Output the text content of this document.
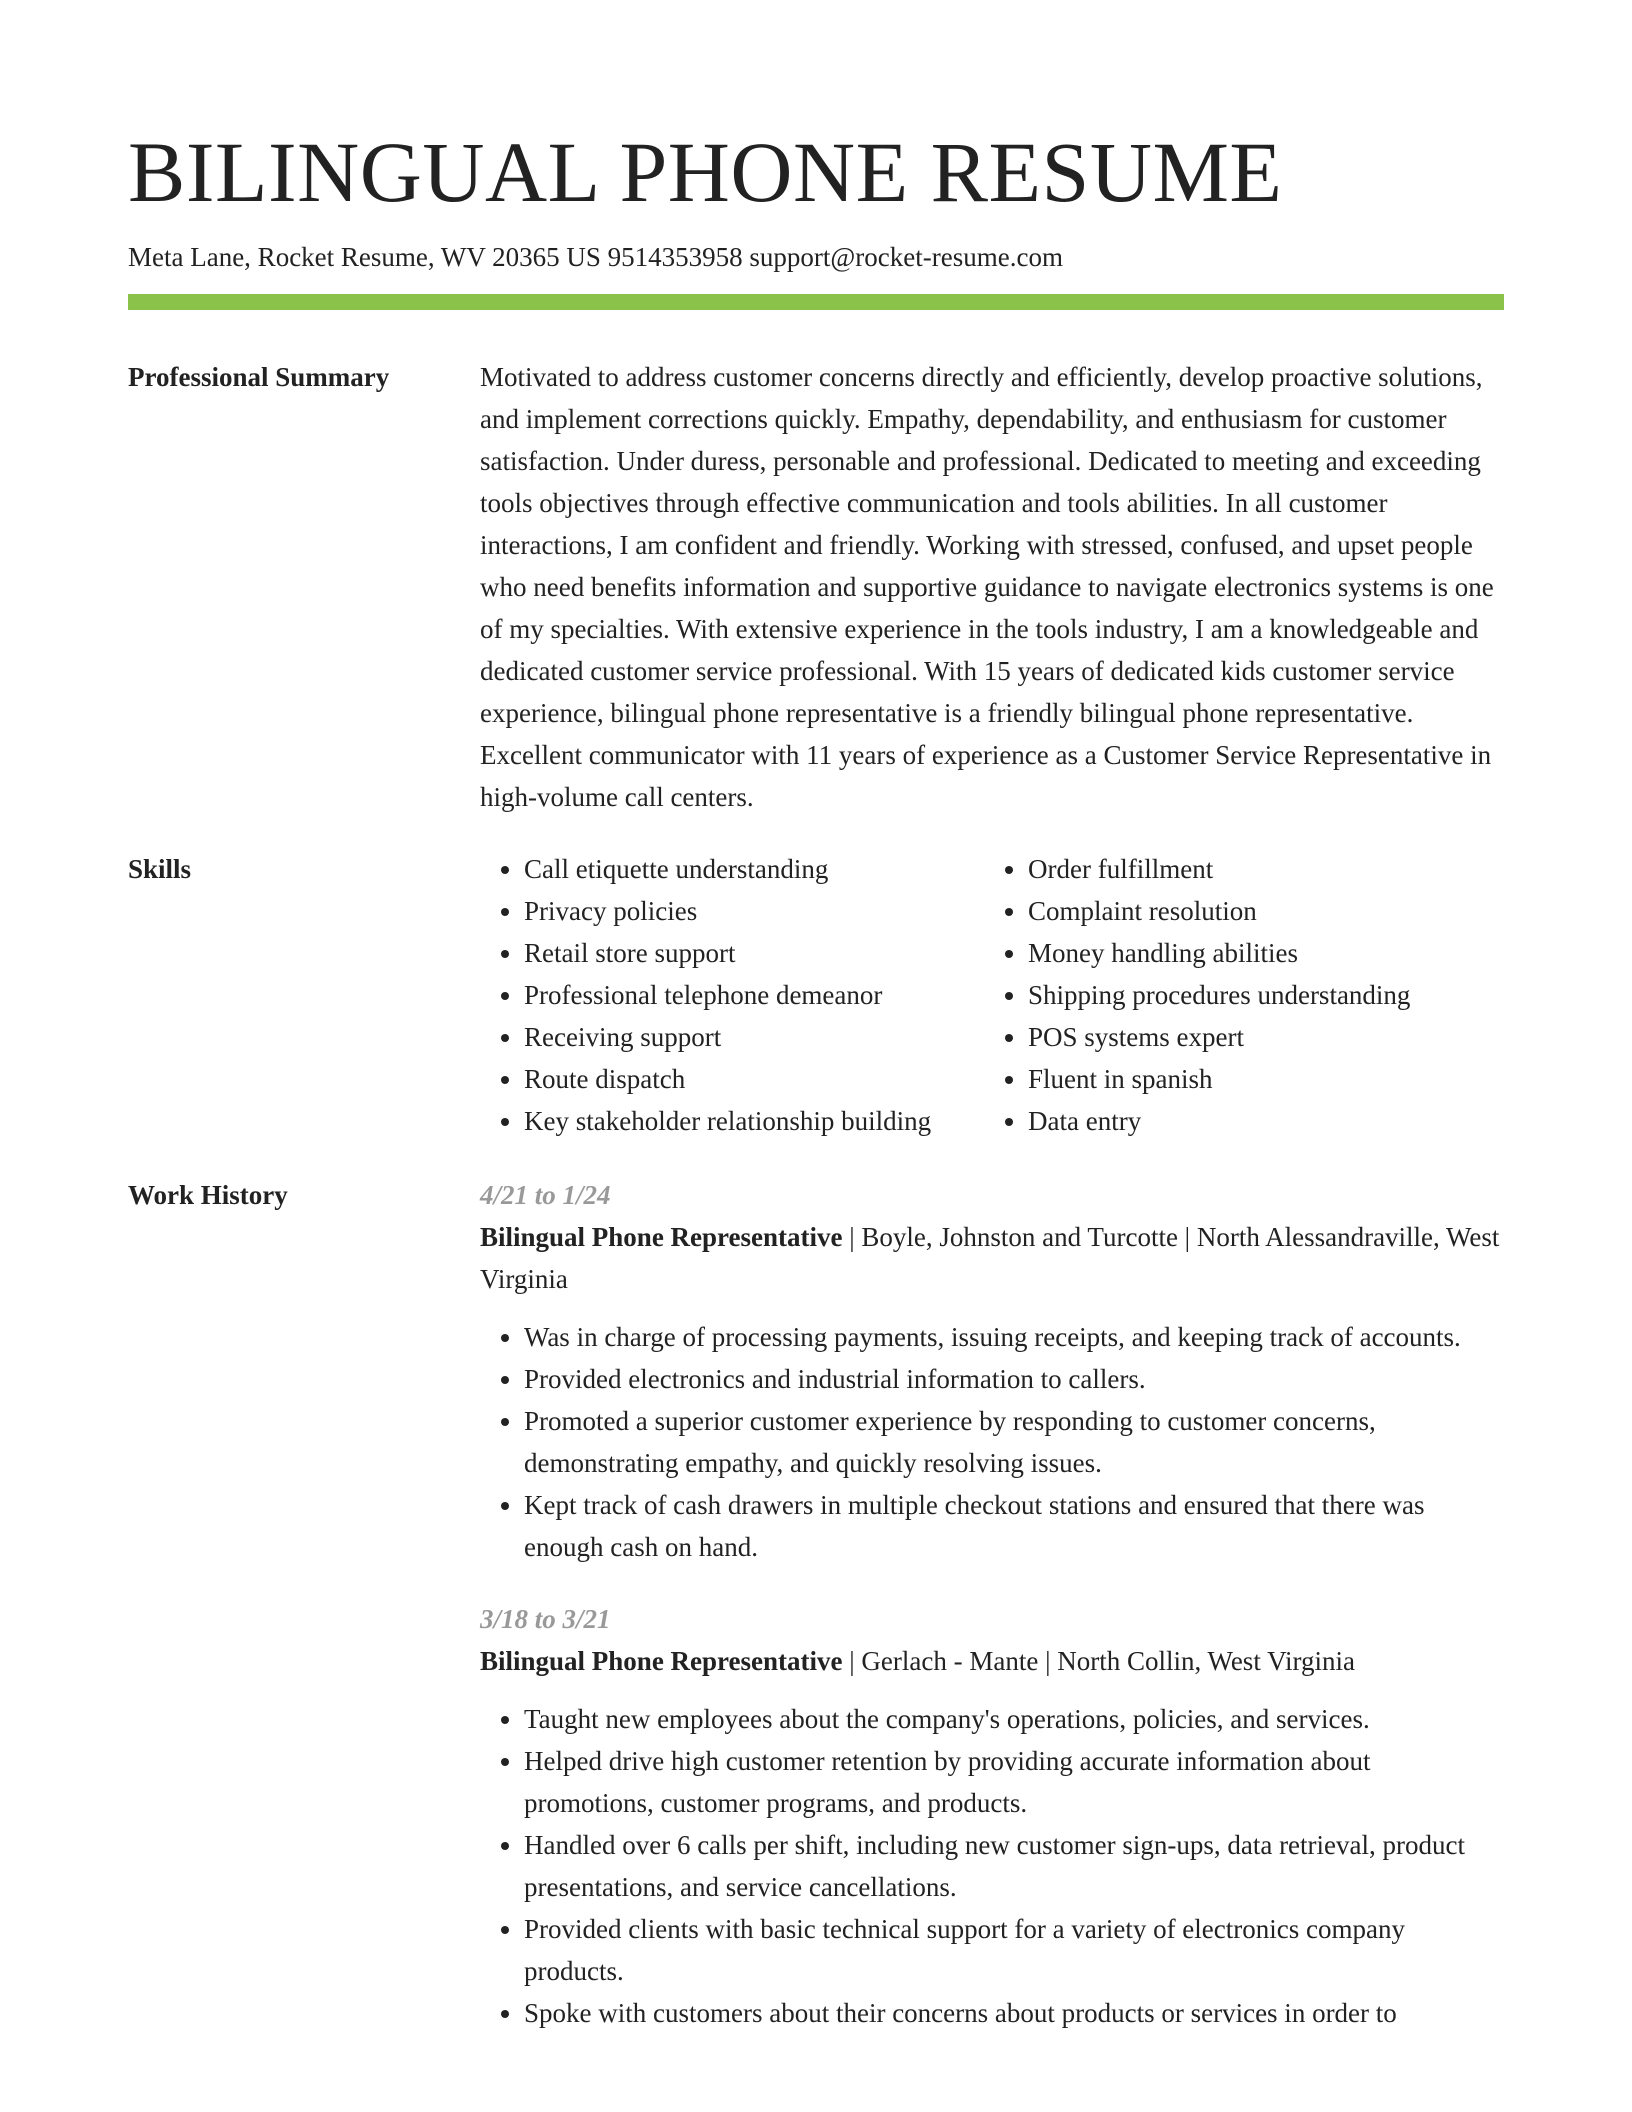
BILINGUAL PHONE RESUME
Meta Lane, Rocket Resume, WV 20365 US 9514353958 support@rocket-resume.com
Professional Summary	Motivated to address customer concerns directly and efficiently, develop proactive solutions, and implement corrections quickly. Empathy, dependability, and enthusiasm for customer satisfaction. Under duress, personable and professional. Dedicated to meeting and exceeding tools objectives through effective communication and tools abilities. In all customer interactions, I am confident and friendly. Working with stressed, confused, and upset people who need benefits information and supportive guidance to navigate electronics systems is one of my specialties. With extensive experience in the tools industry, I am a knowledgeable and dedicated customer service professional. With 15 years of dedicated kids customer service experience, bilingual phone representative is a friendly bilingual phone representative. Excellent communicator with 11 years of experience as a Customer Service Representative in high-volume call centers.

Skills
•	Call etiquette understanding
• Privacy policies
• Retail store support
• Professional telephone demeanor
• Receiving support
• Route dispatch
• Key stakeholder relationship building
• Order fulfillment
• Complaint resolution
• Money handling abilities
• Shipping procedures understanding
• POS systems expert
• Fluent in spanish
• Data entry
Work History	4/21 to 1/24
Bilingual Phone Representative | Boyle, Johnston and Turcotte | North Alessandraville, West Virginia
• Was in charge of processing payments, issuing receipts, and keeping track of accounts.
• Provided electronics and industrial information to callers.
• Promoted a superior customer experience by responding to customer concerns, demonstrating empathy, and quickly resolving issues.
• Kept track of cash drawers in multiple checkout stations and ensured that there was enough cash on hand.
3/18 to 3/21
Bilingual Phone Representative | Gerlach - Mante | North Collin, West Virginia
• Taught new employees about the company's operations, policies, and services.
• Helped drive high customer retention by providing accurate information about promotions, customer programs, and products.
• Handled over 6 calls per shift, including new customer sign-ups, data retrieval, product presentations, and service cancellations.
• Provided clients with basic technical support for a variety of electronics company products.
• Spoke with customers about their concerns about products or services in order to
